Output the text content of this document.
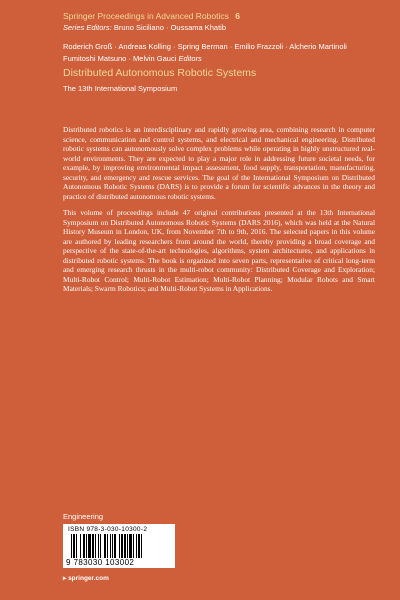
Springer Proceedings in Advanced Robotics 6
Series Editors: Bruno Siciliano · Oussama Khatib
Roderich Groß · Andreas Kolling · Spring Berman · Emilio Frazzoli · Alcherio Martinoli
Fumitoshi Matsuno · Melvin Gauci Editors
Distributed Autonomous Robotic Systems
The 13th International Symposium

Distributed robotics is an interdisciplinary and rapidly growing area, combining research in computer science, communication and control systems, and electrical and mechanical engineering. Distributed robotic systems can autonomously solve complex problems while operating in highly unstructured real-world environments. They are expected to play a major role in addressing future societal needs, for example, by improving environmental impact assessment, food supply, transportation, manufacturing, security, and emergency and rescue services. The goal of the International Symposium on Distributed Autonomous Robotic Systems (DARS) is to provide a forum for scientific advances in the theory and practice of distributed autonomous robotic systems.

This volume of proceedings include 47 original contributions presented at the 13th International Symposium on Distributed Autonomous Robotic Systems (DARS 2016), which was held at the Natural History Museum in London, UK, from November 7th to 9th, 2016. The selected papers in this volume are authored by leading researchers from around the world, thereby providing a broad coverage and perspective of the state-of-the-art technologies, algorithms, system architectures, and applications in distributed robotic systems. The book is organized into seven parts, representative of critical long-term and emerging research thrusts in the multi-robot community: Distributed Coverage and Exploration; Multi-Robot Control; Multi-Robot Estimation; Multi-Robot Planning; Modular Robots and Smart Materials; Swarm Robotics; and Multi-Robot Systems in Applications.

Engineering
ISBN 978-3-030-10300-2
9 783030 103002
▸ springer.com
